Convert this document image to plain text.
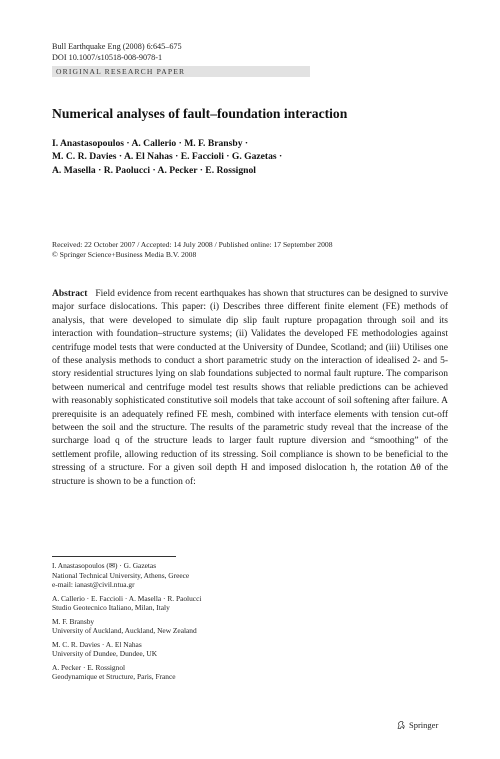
Bull Earthquake Eng (2008) 6:645–675
DOI 10.1007/s10518-008-9078-1
ORIGINAL RESEARCH PAPER
Numerical analyses of fault–foundation interaction
I. Anastasopoulos · A. Callerio · M. F. Bransby ·
M. C. R. Davies · A. El Nahas · E. Faccioli · G. Gazetas ·
A. Masella · R. Paolucci · A. Pecker · E. Rossignol
Received: 22 October 2007 / Accepted: 14 July 2008 / Published online: 17 September 2008
© Springer Science+Business Media B.V. 2008

Abstract Field evidence from recent earthquakes has shown that structures can be designed to survive major surface dislocations. This paper: (i) Describes three different finite element (FE) methods of analysis, that were developed to simulate dip slip fault rupture propagation through soil and its interaction with foundation–structure systems; (ii) Validates the developed FE methodologies against centrifuge model tests that were conducted at the University of Dundee, Scotland; and (iii) Utilises one of these analysis methods to conduct a short parametric study on the interaction of idealised 2- and 5-story residential structures lying on slab foundations subjected to normal fault rupture. The comparison between numerical and centrifuge model test results shows that reliable predictions can be achieved with reasonably sophisticated constitutive soil models that take account of soil softening after failure. A prerequisite is an adequately refined FE mesh, combined with interface elements with tension cut-off between the soil and the structure. The results of the parametric study reveal that the increase of the surcharge load q of the structure leads to larger fault rupture diversion and “smoothing” of the settlement profile, allowing reduction of its stressing. Soil compliance is shown to be beneficial to the stressing of a structure. For a given soil depth H and imposed dislocation h, the rotation Δθ of the structure is shown to be a function of:

I. Anastasopoulos (✉) · G. Gazetas
National Technical University, Athens, Greece
e-mail: ianast@civil.ntua.gr
A. Callerio · E. Faccioli · A. Masella · R. Paolucci
Studio Geotecnico Italiano, Milan, Italy
M. F. Bransby
University of Auckland, Auckland, New Zealand
M. C. R. Davies · A. El Nahas
University of Dundee, Dundee, UK
A. Pecker · E. Rossignol
Geodynamique et Structure, Paris, France
Springer
